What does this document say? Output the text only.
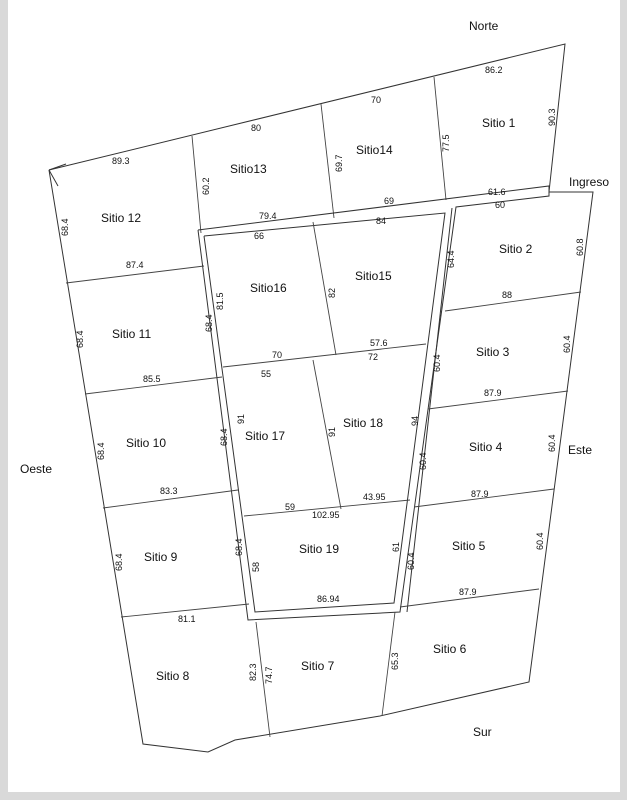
Norte
Sur
Este
Oeste
Ingreso
Sitio 1
Sitio 2
Sitio 3
Sitio 4
Sitio 5
Sitio 6
Sitio 7
Sitio 8
Sitio 9
Sitio 10
Sitio 11
Sitio 12
Sitio13
Sitio14
Sitio15
Sitio16
Sitio 17
Sitio 18
Sitio 19
86.2
70
80
89.3
61.6
60
69
79.4	84
66
87.4
88
70
57.6
55
72
85.5
87.9
83.3
59
43.95	87.9
102.95
86.94
87.9
81.1
90.3
77.5
69.7
60.2
68.4
60.8
64.4
81.5	82
68.4
68.4
60.4
60.4
68.4
68.4
91
91
94
60.4
60.4
68.4
68.4
58
61
60.4
60.4
82.3 74.7
65.3
